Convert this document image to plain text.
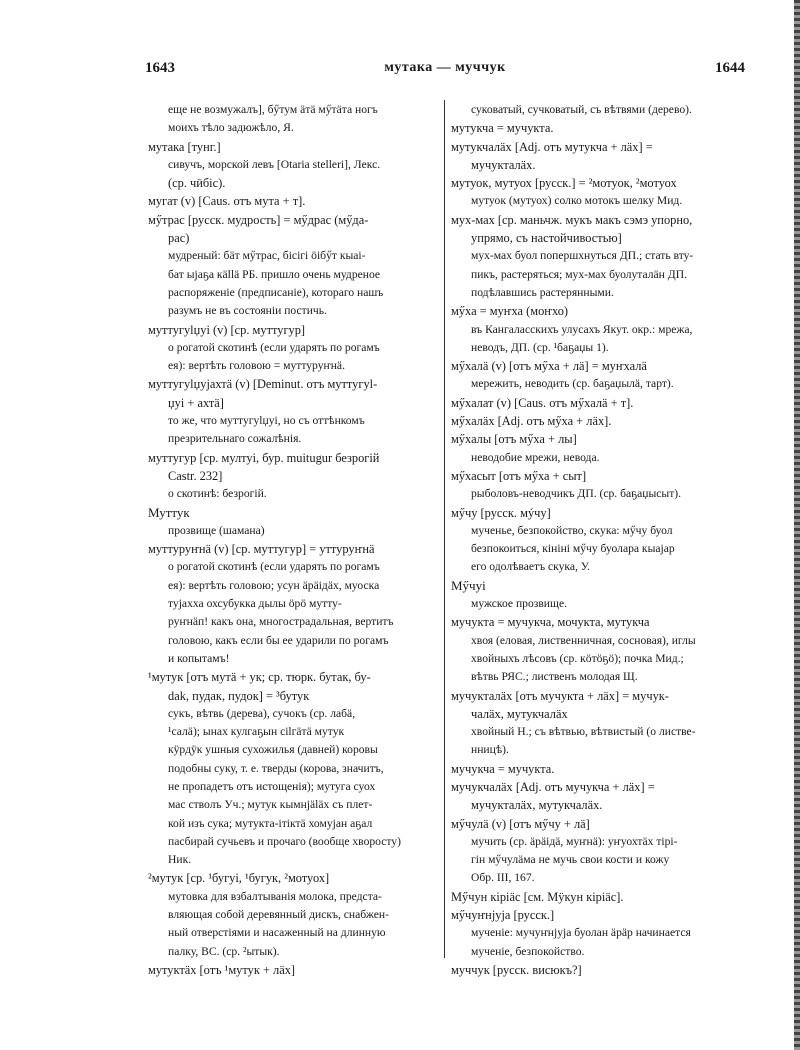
1643	мутака — муччук	1644
еще не возмужалъ], бӳтум ӓтӓ мӳтӓта ногъ
моихъ тѣло задюжѣло, Я.
мутака [тунг.]
сивучъ, морской левъ [Otaria stelleri], Лекс.
(ср. чӣбіс).
мугат (v) [Caus. отъ мута + т].
мӳтрас [русск. мудрость] = мӳдрас (мӳда-
рас)
мудреный: бӓт мӳтрас, бісігі öібӳт кыаі-
бат ыјаҕа кӓllӓ РБ. пришло очень мудреное
распоряженіе (предписаніе), котораго нашъ
разумъ не въ состояніи постичь.
муттугуlџуі (v) [ср. муттугур]
о рогатой скотинѣ (если ударять по рогамъ
ея): вертѣть головою = муттуруҥнӓ.
муттугуlџујахтӓ (v) [Deminut. отъ муттугуl-
џуі + ахтӓ]
то же, что муттугуlџуі, но съ оттѣнкомъ
презрительнаго сожалѣнія.
муттугур [ср. мултуі, бур. muitugur безрогій
Castr. 232]
о скотинѣ: безрогій.
Муттук
прозвище (шамана)
муттуруҥнӓ (v) [ср. муттугур] = уттуруҥнӓ
о рогатой скотинѣ (если ударять по рогамъ
ея): вертѣть головою; усун ӓрӓідӓх, муоска
тујахха охсубукка дылы öрӧ мутту-
руҥнӓп! какъ она, многострадальная, вертитъ
головою, какъ если бы ее ударили по рогамъ
и копытамъ!
¹мутук [отъ мутӓ + ук; ср. тюрк. бутак, бу-
dak, пудак, пудок] = ³бутук
сукъ, вѣтвь (дерева), сучокъ (ср. лабӓ,
¹салӓ); ынах кулгаҕын сіlгӓтӓ мутук
кӱрдӱк ушныя сухожилья (давней) коровы
подобны суку, т. е. тверды (корова, значитъ,
не пропадетъ отъ истощенія); мутуга суох
мас стволъ Уч.; мутук кымнјӓlӓх съ плет-
кой изъ сука; мутукта-ітіктӓ хомујан аҕал
пасбирай сучьевъ и прочаго (вообще хворосту)
Ник.
²мутук [ср. ¹бугуі, ¹бугук, ²мотуох]
мутовка для взбалтыванія молока, предста-
вляющая собой деревянный дискъ, снабжен-
ный отверстіями и насаженный на длинную
палку, ВС. (ср. ²ытык).
мутуктӓх [отъ ¹мутук + лӓх]
суковатый, сучковатый, съ вѣтвями (дерево).
мутукча = мучукта.
мутукчалӓх [Adj. отъ мутукча + лӓх] =
мучукталӓх.
мутуок, мутуох [русск.] = ²мотуок, ²мотуох
мутуок (мутуох) солко мотокъ шелку Мид.
мух-мах [ср. маньчж. мукъ макъ сэмэ упорно,
упрямо, съ настойчивостью]
мух-мах буол попершхнуться ДП.; стать вту-
пикъ, растеряться; мух-мах буолуталӓн ДП.
подѣлавшись растерянными.
мӳха = муҥха (моҥхо)
въ Кангаласскихъ улусахъ Якут. окр.: мрежа,
неводъ, ДП. (ср. ¹баҕаџы 1).
мӳхалӓ (v) [отъ мӳха + лӓ] = муҥхалӓ
мережить, неводить (ср. баҕаџылӓ, тарт).
мӳхалат (v) [Caus. отъ мӳхалӓ + т].
мӳхалӓх [Adj. отъ мӳха + лӓх].
мӳхалы [отъ мӳха + лы]
неводобие мрежи, невода.
мӳхасыт [отъ мӳха + сыт]
рыболовъ-неводчикъ ДП. (ср. баҕаџысыт).
мӳчу [русск. мýчу]
мученье, безпокойство, скука: мӳчу буол
безпокоиться, кініні мӳчу буоларa кыајар
его одолѣваетъ скука, У.
Мӳчуі
мужское прозвище.
мучукта = мучукча, мочукта, мутукча
хвоя (еловая, лиственничная, сосновая), иглы
хвойныхъ лѣсовъ (ср. кöтӧҕӧ); почка Мид.;
вѣтвь РЯС.; лиственъ молодая Щ.
мучукталӓх [отъ мучукта + лӓх] = мучук-
чалӓх, мутукчалӓх
хвойный Н.; съ вѣтвью, вѣтвистый (о листве-
нницѣ).
мучукча = мучукта.
мучукчалӓх [Adj. отъ мучукча + лӓх] =
мучукталӓх, мутукчалӓх.
мӳчулӓ (v) [отъ мӳчу + лӓ]
мучить (ср. ӓрӓідӓ, муҥнӓ): уҥуохтӓх тірі-
гін мӳчулӓма не мучь свои кости и кожу
Обр. III, 167.
Мӳчун кіріӓс [см. Мӱкун кіріӓс].
мӳчуҥнјуја [русск.]
мученіе: мучуҥнјуја буолан ӓрӓр начинается
мученіе, безпокойство.
муччук [русск. висюкъ?]
